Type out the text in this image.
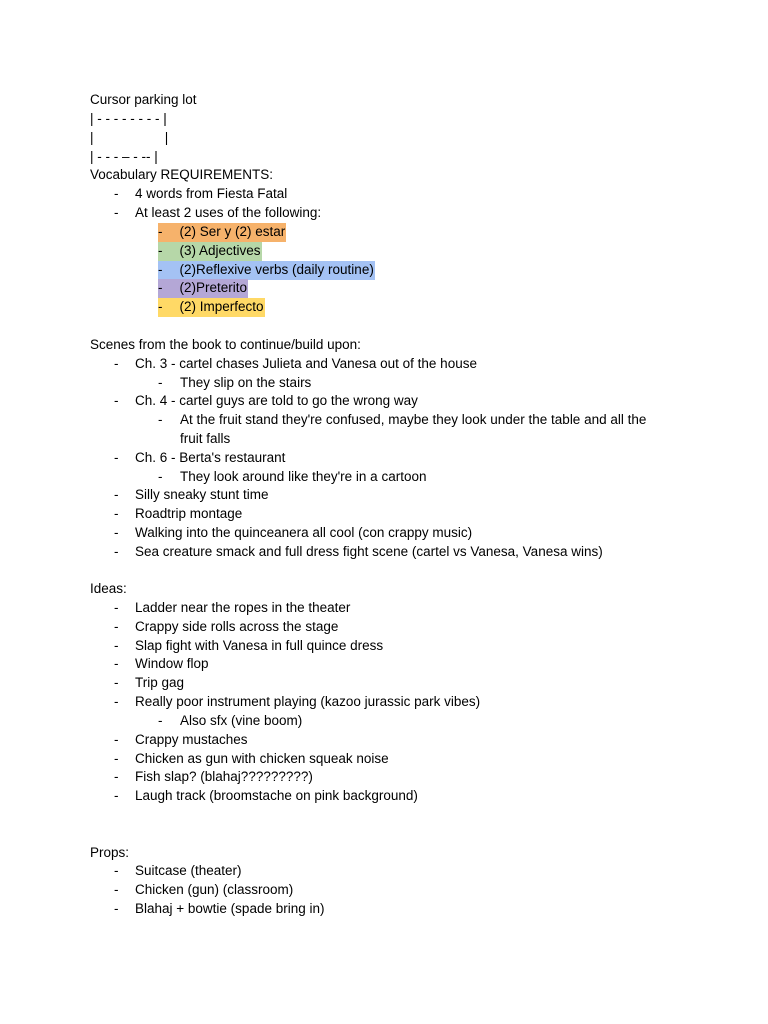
Cursor parking lot
| - - - - - - - - |
|                   |
| - - - – - -- |
Vocabulary REQUIREMENTS:
- 4 words from Fiesta Fatal
- At least 2 uses of the following:
- (2) Ser y (2) estar
- (3) Adjectives
- (2)Reflexive verbs (daily routine)
- (2)Preterito
- (2) Imperfecto
Scenes from the book to continue/build upon:
- Ch. 3 - cartel chases Julieta and Vanesa out of the house
- They slip on the stairs
- Ch. 4 - cartel guys are told to go the wrong way
- At the fruit stand they're confused, maybe they look under the table and all the
fruit falls
- Ch. 6 - Berta's restaurant
- They look around like they're in a cartoon
- Silly sneaky stunt time
- Roadtrip montage
- Walking into the quinceanera all cool (con crappy music)
- Sea creature smack and full dress fight scene (cartel vs Vanesa, Vanesa wins)
Ideas:
- Ladder near the ropes in the theater
- Crappy side rolls across the stage
- Slap fight with Vanesa in full quince dress
- Window flop
- Trip gag
- Really poor instrument playing (kazoo jurassic park vibes)
- Also sfx (vine boom)
- Crappy mustaches
- Chicken as gun with chicken squeak noise
- Fish slap? (blahaj?????????)
- Laugh track (broomstache on pink background)
Props:
- Suitcase (theater)
- Chicken (gun) (classroom)
- Blahaj + bowtie (spade bring in)
